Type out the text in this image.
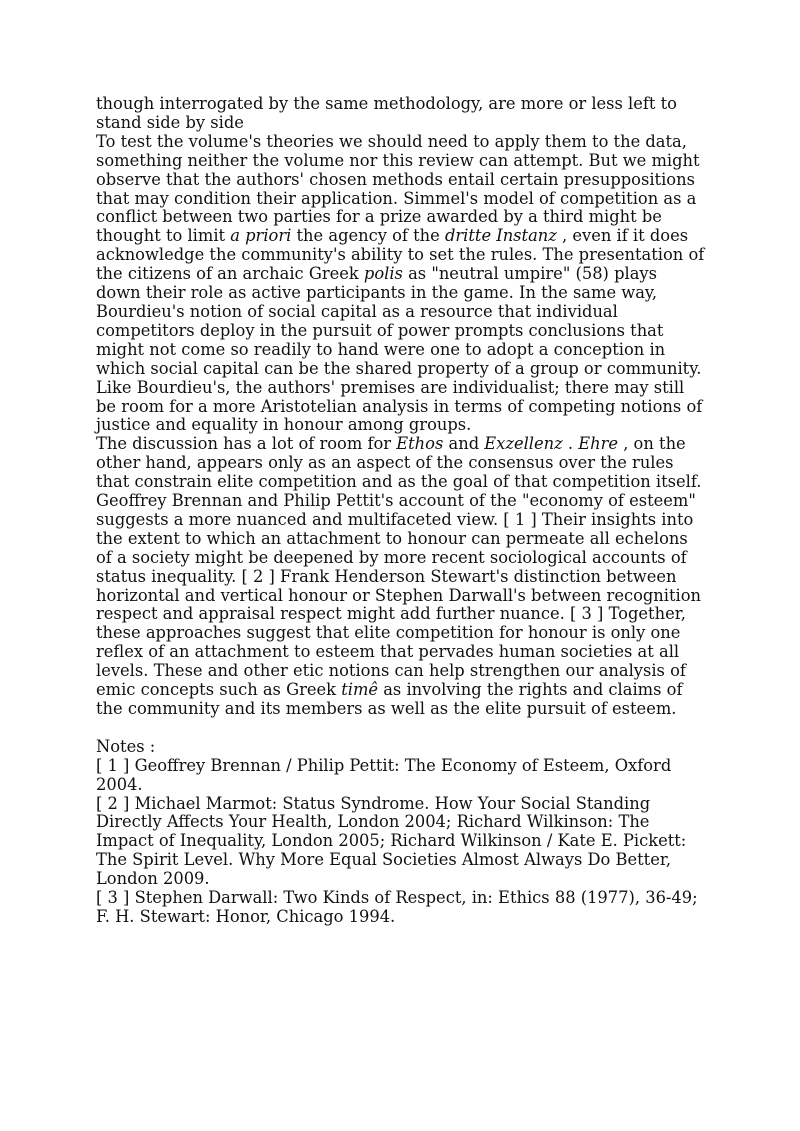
though interrogated by the same methodology, are more or less left to stand side by side

To test the volume's theories we should need to apply them to the data, something neither the volume nor this review can attempt. But we might observe that the authors' chosen methods entail certain presuppositions that may condition their application. Simmel's model of competition as a conflict between two parties for a prize awarded by a third might be thought to limit a priori the agency of the dritte Instanz , even if it does acknowledge the community's ability to set the rules. The presentation of the citizens of an archaic Greek polis as "neutral umpire" (58) plays down their role as active participants in the game. In the same way, Bourdieu's notion of social capital as a resource that individual competitors deploy in the pursuit of power prompts conclusions that might not come so readily to hand were one to adopt a conception in which social capital can be the shared property of a group or community. Like Bourdieu's, the authors' premises are individualist; there may still be room for a more Aristotelian analysis in terms of competing notions of justice and equality in honour among groups.

The discussion has a lot of room for Ethos and Exzellenz . Ehre , on the other hand, appears only as an aspect of the consensus over the rules that constrain elite competition and as the goal of that competition itself. Geoffrey Brennan and Philip Pettit's account of the "economy of esteem" suggests a more nuanced and multifaceted view. [ 1 ] Their insights into the extent to which an attachment to honour can permeate all echelons of a society might be deepened by more recent sociological accounts of status inequality. [ 2 ] Frank Henderson Stewart's distinction between horizontal and vertical honour or Stephen Darwall's between recognition respect and appraisal respect might add further nuance. [ 3 ] Together, these approaches suggest that elite competition for honour is only one reflex of an attachment to esteem that pervades human societies at all levels. These and other etic notions can help strengthen our analysis of emic concepts such as Greek timê as involving the rights and claims of the community and its members as well as the elite pursuit of esteem.

Notes :

[ 1 ] Geoffrey Brennan / Philip Pettit: The Economy of Esteem, Oxford 2004.

[ 2 ] Michael Marmot: Status Syndrome. How Your Social Standing Directly Affects Your Health, London 2004; Richard Wilkinson: The Impact of Inequality, London 2005; Richard Wilkinson / Kate E. Pickett: The Spirit Level. Why More Equal Societies Almost Always Do Better, London 2009.

[ 3 ] Stephen Darwall: Two Kinds of Respect, in: Ethics 88 (1977), 36-49; F. H. Stewart: Honor, Chicago 1994.
